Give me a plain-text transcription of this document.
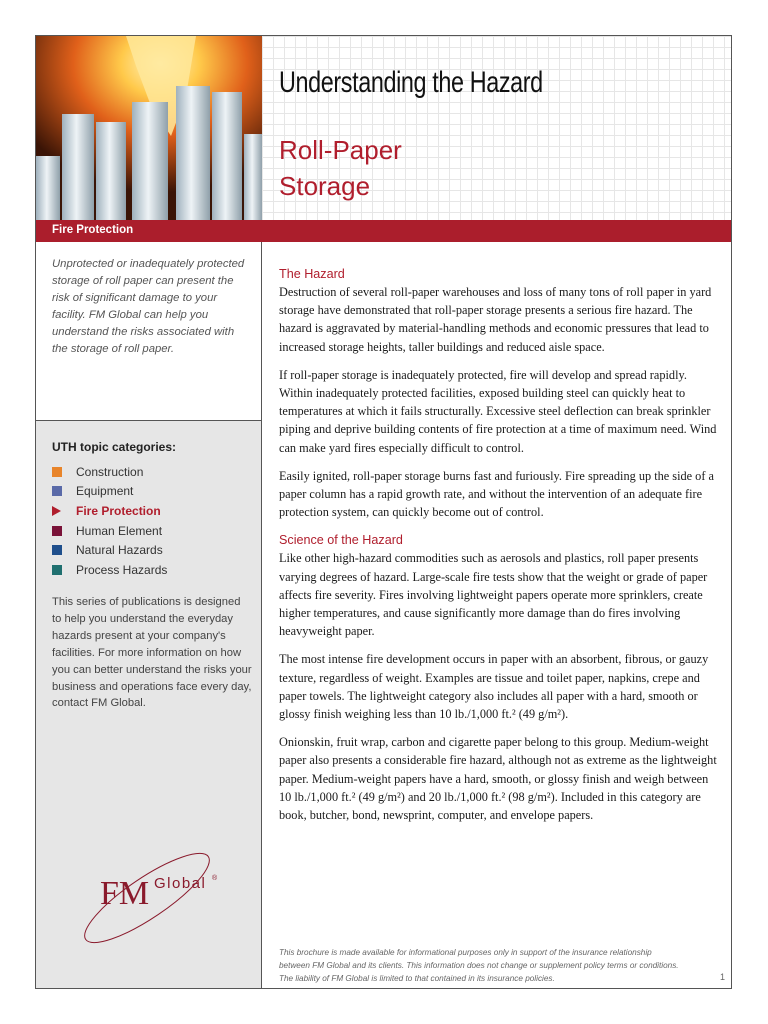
Understanding the Hazard
Roll-Paper
Storage
Fire Protection

Unprotected or inadequately protected storage of roll paper can present the risk of significant damage to your facility. FM Global can help you understand the risks associated with the storage of roll paper.

UTH topic categories:
Construction
Equipment
Fire Protection
Human Element
Natural Hazards
Process Hazards

This series of publications is designed to help you understand the everyday hazards present at your company's facilities. For more information on how you can better understand the risks your business and operations face every day, contact FM Global.

FM Global ®
The Hazard

Destruction of several roll-paper warehouses and loss of many tons of roll paper in yard storage have demonstrated that roll-paper storage presents a serious fire hazard. The hazard is aggravated by material-handling methods and economic pressures that lead to increased storage heights, taller buildings and reduced aisle space.

If roll-paper storage is inadequately protected, fire will develop and spread rapidly. Within inadequately protected facilities, exposed building steel can quickly heat to temperatures at which it fails structurally. Excessive steel deflection can break sprinkler piping and deprive building contents of fire protection at a time of maximum need. Wind can make yard fires especially difficult to control.

Easily ignited, roll-paper storage burns fast and furiously. Fire spreading up the side of a paper column has a rapid growth rate, and without the intervention of an adequate fire protection system, can quickly become out of control.

Science of the Hazard

Like other high-hazard commodities such as aerosols and plastics, roll paper presents varying degrees of hazard. Large-scale fire tests show that the weight or grade of paper affects fire severity. Fires involving lightweight papers operate more sprinklers, create higher temperatures, and cause significantly more damage than do fires involving heavyweight paper.

The most intense fire development occurs in paper with an absorbent, fibrous, or gauzy texture, regardless of weight. Examples are tissue and toilet paper, napkins, crepe and paper towels. The lightweight category also includes all paper with a hard, smooth or glossy finish weighing less than 10 lb./1,000 ft.² (49 g/m²).

Onionskin, fruit wrap, carbon and cigarette paper belong to this group. Medium-weight paper also presents a considerable fire hazard, although not as extreme as the lightweight paper. Medium-weight papers have a hard, smooth, or glossy finish and weigh between 10 lb./1,000 ft.² (49 g/m²) and 20 lb./1,000 ft.² (98 g/m²). Included in this category are book, butcher, bond, newsprint, computer, and envelope papers.

This brochure is made available for informational purposes only in support of the insurance relationship between FM Global and its clients. This information does not change or supplement policy terms or conditions. The liability of FM Global is limited to that contained in its insurance policies.	1
